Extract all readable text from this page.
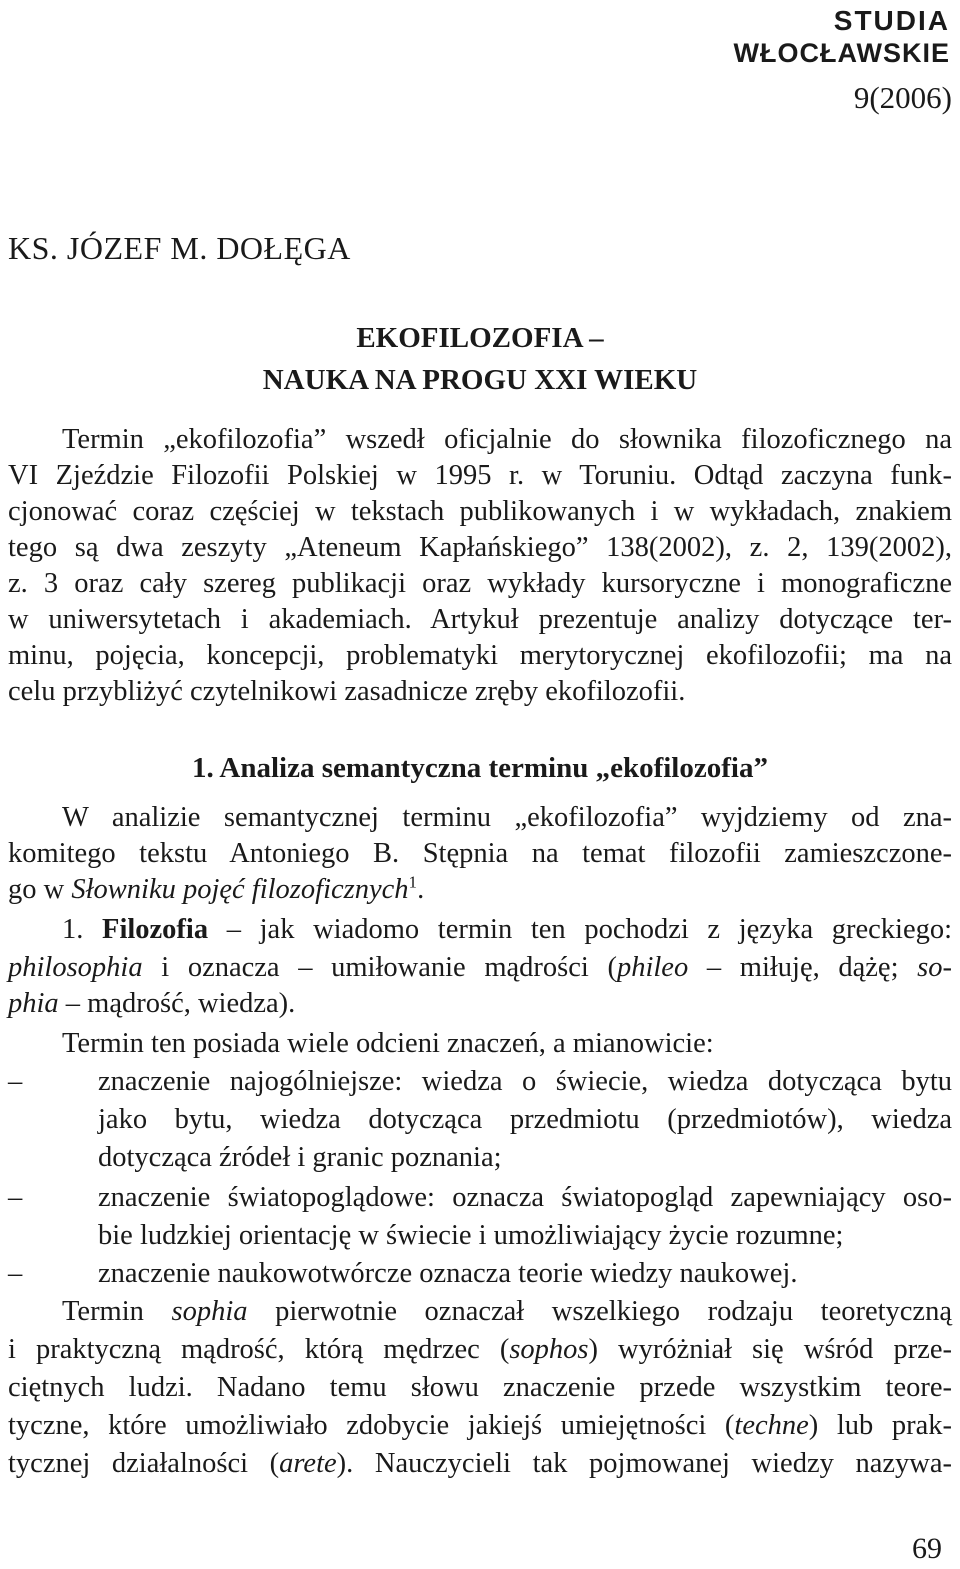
STUDIA
WŁOCŁAWSKIE
9(2006)
KS. JÓZEF M. DOŁĘGA
EKOFILOZOFIA –
NAUKA NA PROGU XXI WIEKU
Termin „ekofilozofia” wszedł oficjalnie do słownika filozoficznego na
VI Zjeździe Filozofii Polskiej w 1995 r. w Toruniu. Odtąd zaczyna funk-
cjonować coraz częściej w tekstach publikowanych i w wykładach, znakiem
tego są dwa zeszyty „Ateneum Kapłańskiego” 138(2002), z. 2, 139(2002),
z. 3 oraz cały szereg publikacji oraz wykłady kursoryczne i monograficzne
w uniwersytetach i akademiach. Artykuł prezentuje analizy dotyczące ter-
minu, pojęcia, koncepcji, problematyki merytorycznej ekofilozofii; ma na
celu przybliżyć czytelnikowi zasadnicze zręby ekofilozofii.
1. Analiza semantyczna terminu „ekofilozofia”
W analizie semantycznej terminu „ekofilozofia” wyjdziemy od zna-
komitego tekstu Antoniego B. Stępnia na temat filozofii zamieszczone-
go w Słowniku pojęć filozoficznych$^1$.
1. Filozofia – jak wiadomo termin ten pochodzi z języka greckiego:
philosophia i oznacza – umiłowanie mądrości (phileo – miłuję, dążę; so-
phia – mądrość, wiedza).
Termin ten posiada wiele odcieni znaczeń, a mianowicie:
–	znaczenie najogólniejsze: wiedza o świecie, wiedza dotycząca bytu
jako bytu, wiedza dotycząca przedmiotu (przedmiotów), wiedza
dotycząca źródeł i granic poznania;
–	znaczenie światopoglądowe: oznacza światopogląd zapewniający oso-
bie ludzkiej orientację w świecie i umożliwiający życie rozumne;
–	znaczenie naukowotwórcze oznacza teorie wiedzy naukowej.
Termin sophia pierwotnie oznaczał wszelkiego rodzaju teoretyczną
i praktyczną mądrość, którą mędrzec (sophos) wyróżniał się wśród prze-
ciętnych ludzi. Nadano temu słowu znaczenie przede wszystkim teore-
tyczne, które umożliwiało zdobycie jakiejś umiejętności (techne) lub prak-
tycznej działalności (arete). Nauczycieli tak pojmowanej wiedzy nazywa-
69
